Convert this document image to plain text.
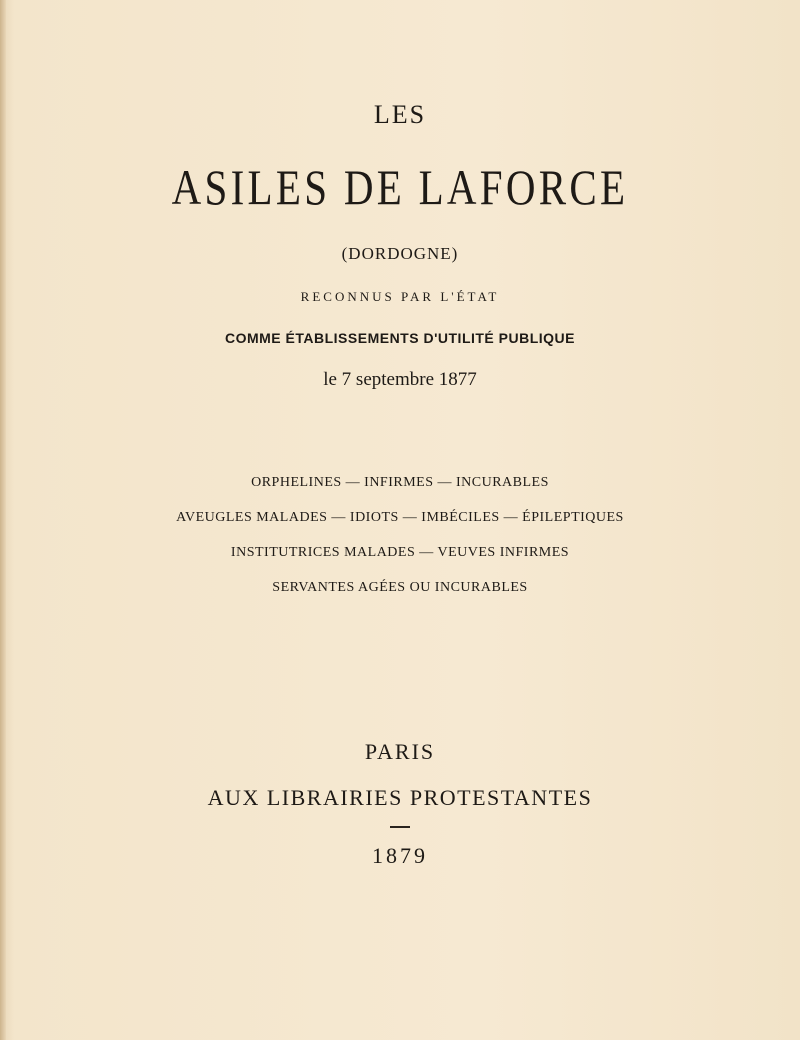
LES
ASILES DE LAFORCE
(DORDOGNE)
RECONNUS PAR L'ÉTAT
COMME ÉTABLISSEMENTS D'UTILITÉ PUBLIQUE
le 7 septembre 1877
ORPHELINES — INFIRMES — INCURABLES
AVEUGLES MALADES — IDIOTS — IMBÉCILES — ÉPILEPTIQUES
INSTITUTRICES MALADES — VEUVES INFIRMES
SERVANTES AGÉES OU INCURABLES
PARIS
AUX LIBRAIRIES PROTESTANTES
1879
